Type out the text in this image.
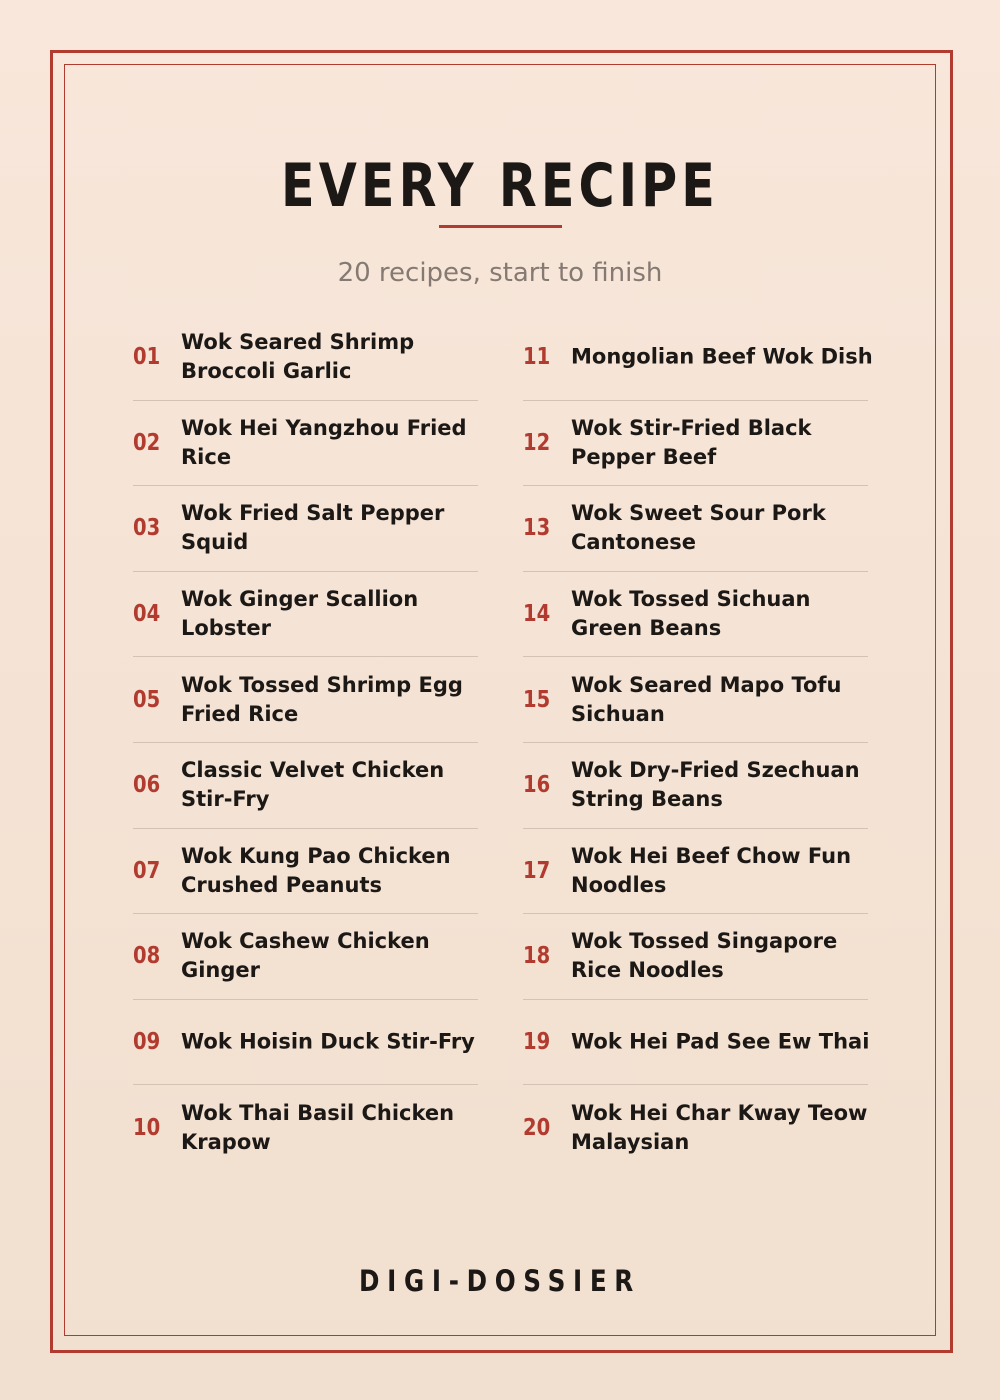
EVERY RECIPE
20 recipes, start to finish
01
Wok Seared Shrimp Broccoli Garlic
02
Wok Hei Yangzhou Fried Rice
03
Wok Fried Salt Pepper Squid
04
Wok Ginger Scallion Lobster
05
Wok Tossed Shrimp Egg Fried Rice
06
Classic Velvet Chicken Stir-Fry
07
Wok Kung Pao Chicken Crushed Peanuts
08
Wok Cashew Chicken Ginger
09 Wok Hoisin Duck Stir-Fry
10
Wok Thai Basil Chicken Krapow
11 Mongolian Beef Wok Dish
12
Wok Stir-Fried Black Pepper Beef
13
Wok Sweet Sour Pork Cantonese
14
Wok Tossed Sichuan Green Beans
15
Wok Seared Mapo Tofu Sichuan
16
Wok Dry-Fried Szechuan String Beans
17
Wok Hei Beef Chow Fun Noodles
18
Wok Tossed Singapore Rice Noodles
19 Wok Hei Pad See Ew Thai
20
Wok Hei Char Kway Teow Malaysian
DIGI-DOSSIER
